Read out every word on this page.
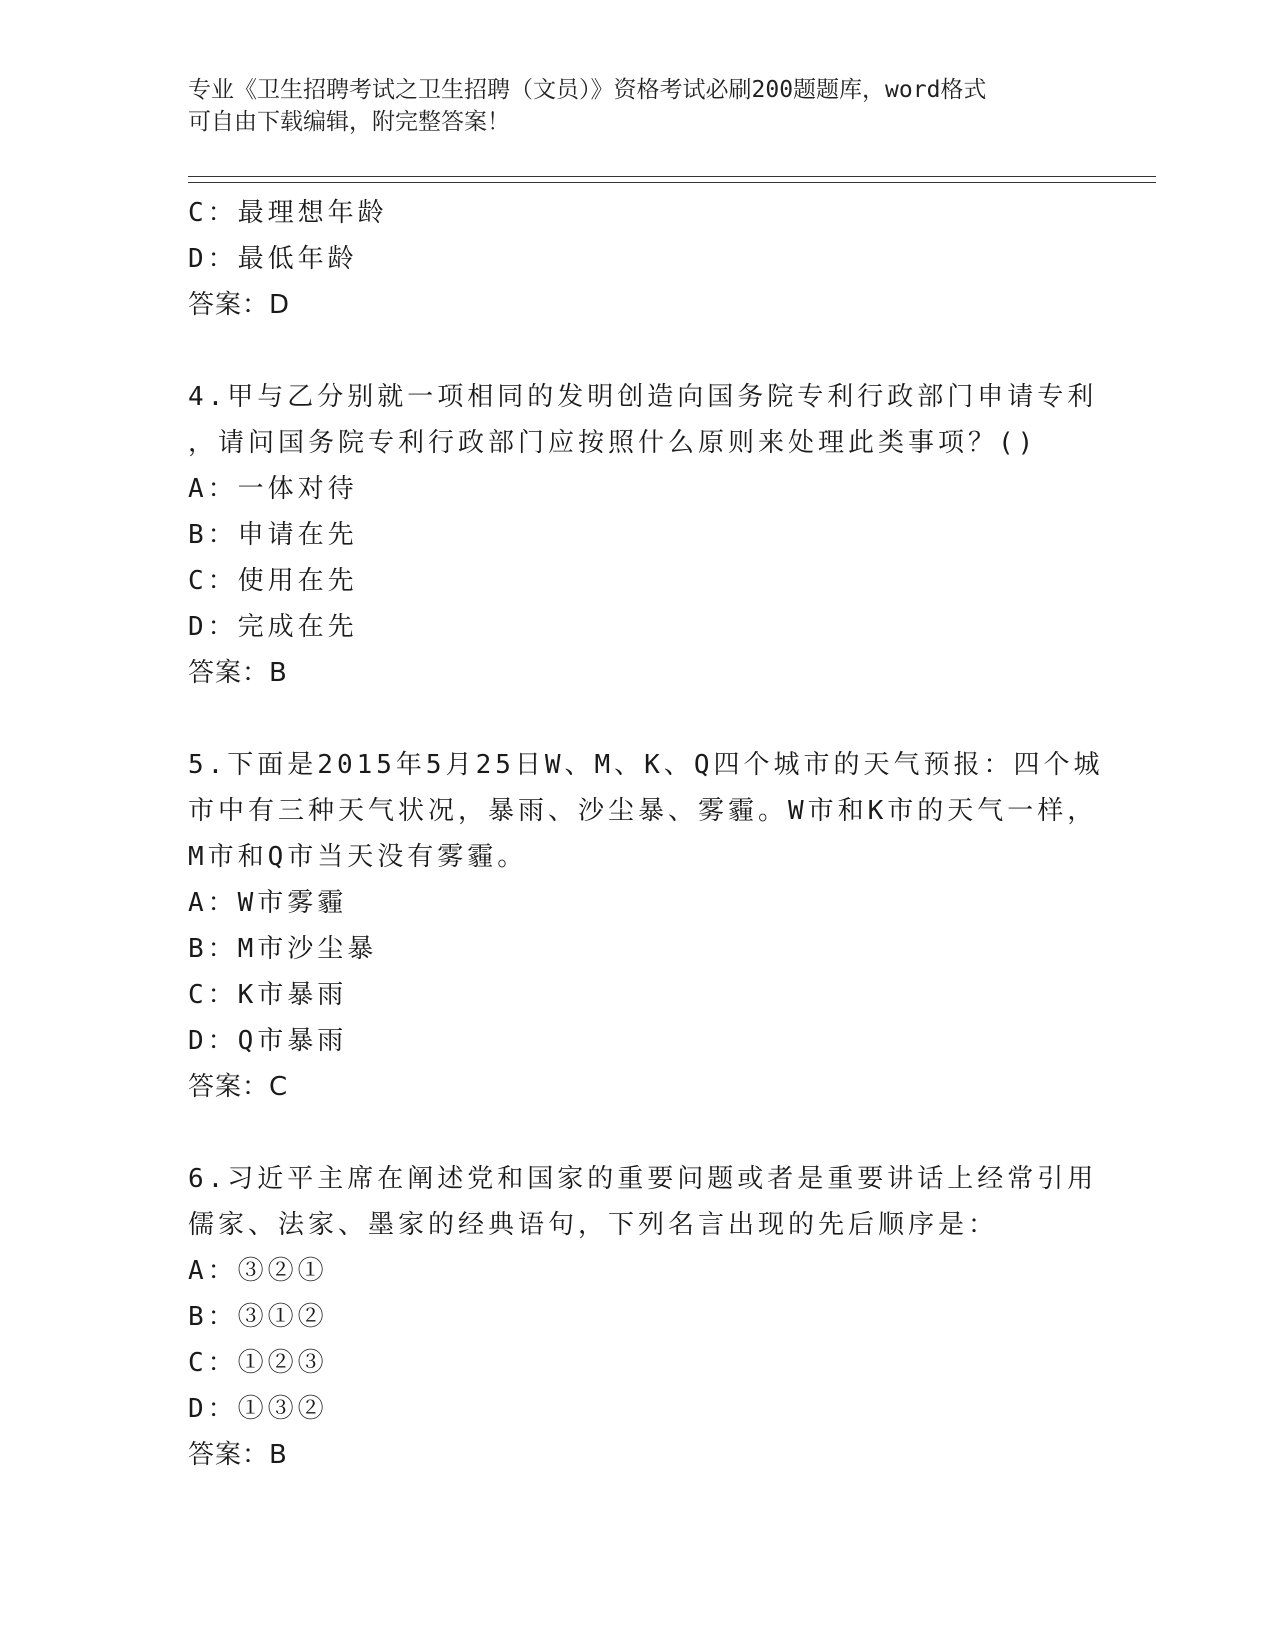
专业《卫生招聘考试之卫生招聘（文员）》资格考试必刷200题题库，word格式
可自由下载编辑，附完整答案！
C：最理想年龄
D：最低年龄
答案：D
4.甲与乙分别就一项相同的发明创造向国务院专利行政部门申请专利
，请问国务院专利行政部门应按照什么原则来处理此类事项？()
A：一体对待
B：申请在先
C：使用在先
D：完成在先
答案：B
5.下面是2015年5月25日W、M、K、Q四个城市的天气预报：四个城
市中有三种天气状况，暴雨、沙尘暴、雾霾。W市和K市的天气一样，
M市和Q市当天没有雾霾。
A：W市雾霾
B：M市沙尘暴
C：K市暴雨
D：Q市暴雨
答案：C
6.习近平主席在阐述党和国家的重要问题或者是重要讲话上经常引用
儒家、法家、墨家的经典语句，下列名言出现的先后顺序是：
A：③②①
B：③①②
C：①②③
D：①③②
答案：B
